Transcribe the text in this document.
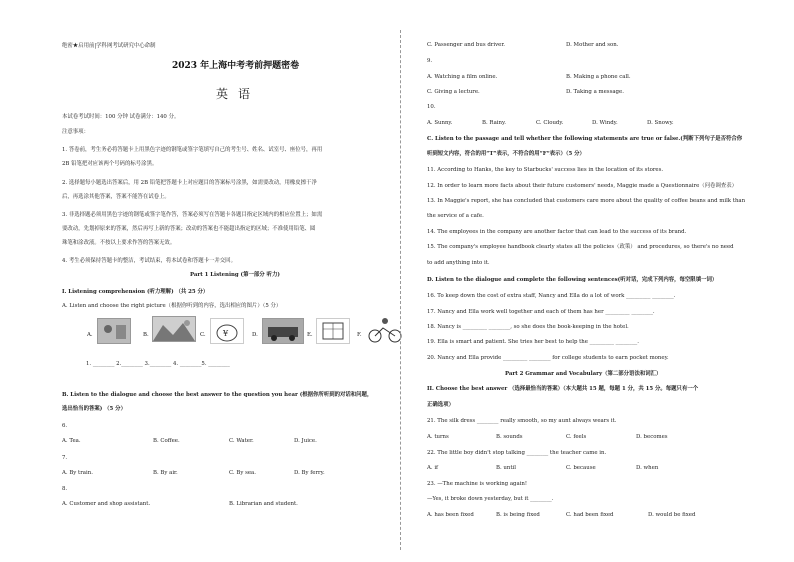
绝密★启用前|学科网考试研究中心命制
2023 年上海中考考前押题密卷
英语
本试卷考试时间：100 分钟 试卷满分：140 分。
注意事项：
1. 答卷前，考生务必将答题卡上用黑色字迹的钢笔或签字笔填写自己的考生号、姓名、试室号、座位号，再用
2B 铅笔把对应该两个号码的标号涂黑。
2. 选择题每小题选出答案后，用 2B 铅笔把答题卡上对应题目的答案标号涂黑，如需要改动，用橡皮擦干净
后，再选涂其他答案，答案不能答在试卷上。
3. 非选择题必须用黑色字迹的钢笔或签字笔作答，答案必须写在答题卡各题目指定区域内的相应位置上；如需
要改动，先划掉原来的答案，然后再写上新的答案；改动的答案也不能超出指定的区域；不准使用铅笔、圆
珠笔和涂改液。不按以上要求作答的答案无效。
4. 考生必须保持答题卡的整洁，考试结束，将本试卷和答题卡一并交回。
Part 1 Listening (第一部分 听力)
I. Listening comprehension (听力理解) （共 25 分）
A. Listen and choose the right picture（根据你听到的内容，选出相应的图片）（5 分）
A.	B.	C. ¥	D.	E.	F.
1. ________ 2.________ 3.________ 4. ________5. ________
B. Listen to the dialogue and choose the best answer to the question you hear (根据你所听到的对话和问题，
选出恰当的答案) （5 分）
6.
A. Tea.	B. Coffee.	C. Water.	D. Juice.
7.
A. By train.	B. By air.	C. By sea.	D. By ferry.
8.
A. Customer and shop assistant.	B. Librarian and student.
C. Passenger and bus driver.	D. Mother and son.
9.
A. Watching a film online.	B. Making a phone call.
C. Giving a lecture.	D. Taking a message.
10.
A. Sunny.	B. Rainy.	C. Cloudy.	D. Windy.	D. Snowy.
C. Listen to the passage and tell whether the following statements are true or false.(判断下列句子是否符合你
听到短文内容，符合的用“T”表示，不符合的用“F”表示）（5 分）
11. According to Hanks, the key to Starbucks' success lies in the location of its stores.
12. In order to learn more facts about their future customers' needs, Maggie made a Questionnaire（问卷调查表）
13. In Maggie's report, she has concluded that customers care more about the quality of coffee beans and milk than
the service of a cafe.
14. The employees in the company are another factor that can lead to the success of its brand.
15. The company's employee handbook clearly states all the policies（政策） and procedures, so there's no need
to add anything into it.
D. Listen to the dialogue and complete the following sentences(听对话，完成下列内容，每空限填一词）
16. To keep down the cost of extra staff, Nancy and Ella do a lot of work _________ ________.
17. Nancy and Ella work well together and each of them has her _________ ________.
18. Nancy is _________ ________, so she does the book-keeping in the hotel.
19. Ella is smart and patient. She tries her best to help the _________ ________.
20. Nancy and Ella provide _________ ________ for college students to earn pocket money.
Part 2 Grammar and Vocabulary（第二部分语法和词汇）
II. Choose the best answer （选择最恰当的答案）（本大题共 15 题，每题 1 分，共 15 分。每题只有一个
正确选项）
21. The silk dress ________ really smooth, so my aunt always wears it.
A. turns	B. sounds	C. feels	D. becomes
22. The little boy didn't stop talking ________ the teacher came in.
A. if	B. until	C. because	D. when
23. —The machine is working again!
—Yes, it broke down yesterday, but it ________.
A. has been fixed	B. is being fixed	C. had been fixed	D. would be fixed
